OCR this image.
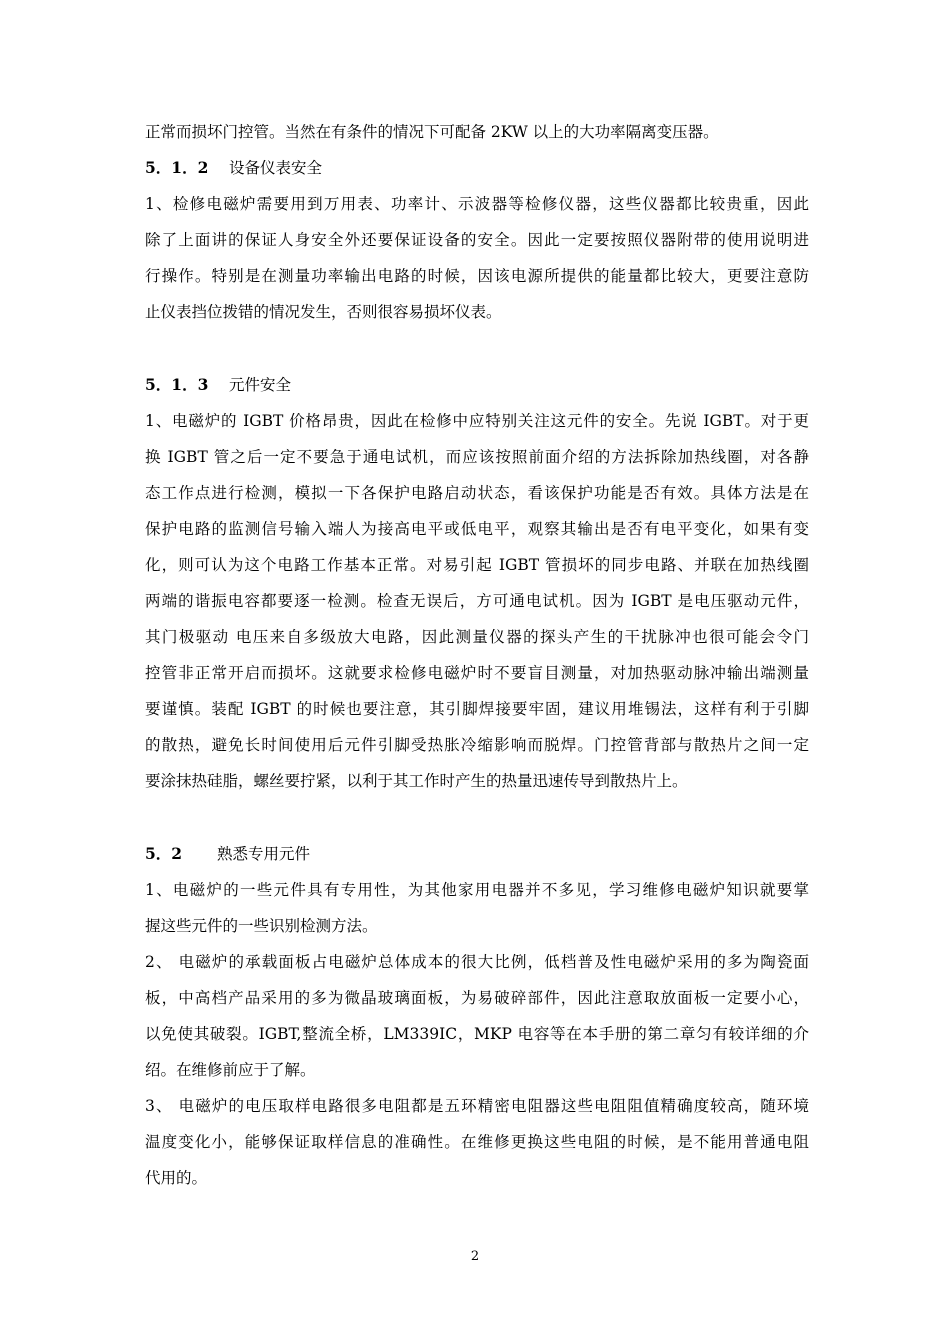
正常而损坏门控管。当然在有条件的情况下可配备 2KW 以上的大功率隔离变压器。
5．1．2 设备仪表安全
1、检修电磁炉需要用到万用表、功率计、示波器等检修仪器，这些仪器都比较贵重，因此
除了上面讲的保证人身安全外还要保证设备的安全。因此一定要按照仪器附带的使用说明进
行操作。特别是在测量功率输出电路的时候，因该电源所提供的能量都比较大，更要注意防
止仪表挡位拨错的情况发生，否则很容易损坏仪表。
5．1．3 元件安全
1、电磁炉的 IGBT 价格昂贵，因此在检修中应特别关注这元件的安全。先说 IGBT。对于更
换 IGBT 管之后一定不要急于通电试机，而应该按照前面介绍的方法拆除加热线圈，对各静
态工作点进行检测，模拟一下各保护电路启动状态，看该保护功能是否有效。具体方法是在
保护电路的监测信号输入端人为接高电平或低电平，观察其输出是否有电平变化，如果有变
化，则可认为这个电路工作基本正常。对易引起 IGBT 管损坏的同步电路、并联在加热线圈
两端的谐振电容都要逐一检测。检查无误后，方可通电试机。因为 IGBT 是电压驱动元件，
其门极驱动 电压来自多级放大电路，因此测量仪器的探头产生的干扰脉冲也很可能会令门
控管非正常开启而损坏。这就要求检修电磁炉时不要盲目测量，对加热驱动脉冲输出端测量
要谨慎。装配 IGBT 的时候也要注意，其引脚焊接要牢固，建议用堆锡法，这样有利于引脚
的散热，避免长时间使用后元件引脚受热胀冷缩影响而脱焊。门控管背部与散热片之间一定
要涂抹热硅脂，螺丝要拧紧，以利于其工作时产生的热量迅速传导到散热片上。
5．2 熟悉专用元件
1、电磁炉的一些元件具有专用性，为其他家用电器并不多见，学习维修电磁炉知识就要掌
握这些元件的一些识别检测方法。
2、 电磁炉的承载面板占电磁炉总体成本的很大比例，低档普及性电磁炉采用的多为陶瓷面
板，中高档产品采用的多为微晶玻璃面板，为易破碎部件，因此注意取放面板一定要小心，
以免使其破裂。IGBT,整流全桥，LM339IC，MKP 电容等在本手册的第二章匀有较详细的介
绍。在维修前应于了解。
3、 电磁炉的电压取样电路很多电阻都是五环精密电阻器这些电阻阻值精确度较高，随环境
温度变化小，能够保证取样信息的准确性。在维修更换这些电阻的时候，是不能用普通电阻
代用的。
2
